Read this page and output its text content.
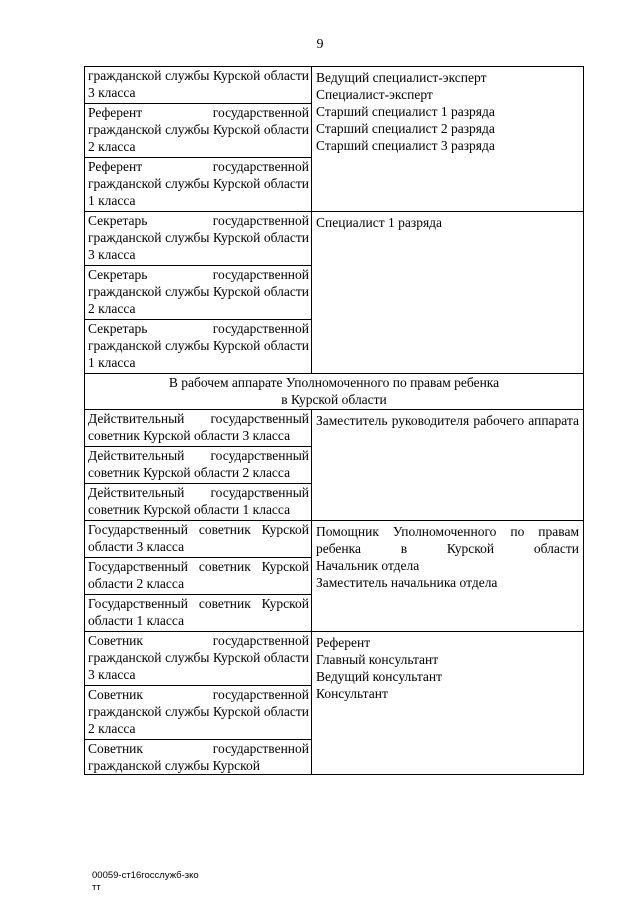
9
гражданской службы Курской области 3 класса
Референт государственной гражданской службы Курской области 2 класса
Референт государственной гражданской службы Курской области 1 класса
Ведущий специалист-эксперт
Специалист-эксперт
Старший специалист 1 разряда
Старший специалист 2 разряда
Старший специалист 3 разряда
Секретарь государственной гражданской службы Курской области 3 класса
Секретарь государственной гражданской службы Курской области 2 класса
Секретарь государственной гражданской службы Курской области 1 класса
Специалист 1 разряда
В рабочем аппарате Уполномоченного по правам ребенка
в Курской области
Действительный государственный советник Курской области 3 класса
Действительный государственный советник Курской области 2 класса
Действительный государственный советник Курской области 1 класса
Заместитель руководителя рабочего аппарата
Государственный советник Курской области 3 класса
Государственный советник Курской области 2 класса
Государственный советник Курской области 1 класса
Помощник Уполномоченного по правам ребенка в Курской области
Начальник отдела
Заместитель начальника отдела
Советник государственной гражданской службы Курской области 3 класса
Советник государственной гражданской службы Курской области 2 класса
Советник государственной гражданской службы Курской
Референт
Главный консультант
Ведущий консультант
Консультант
00059-ст16госслужб-зко
тт
